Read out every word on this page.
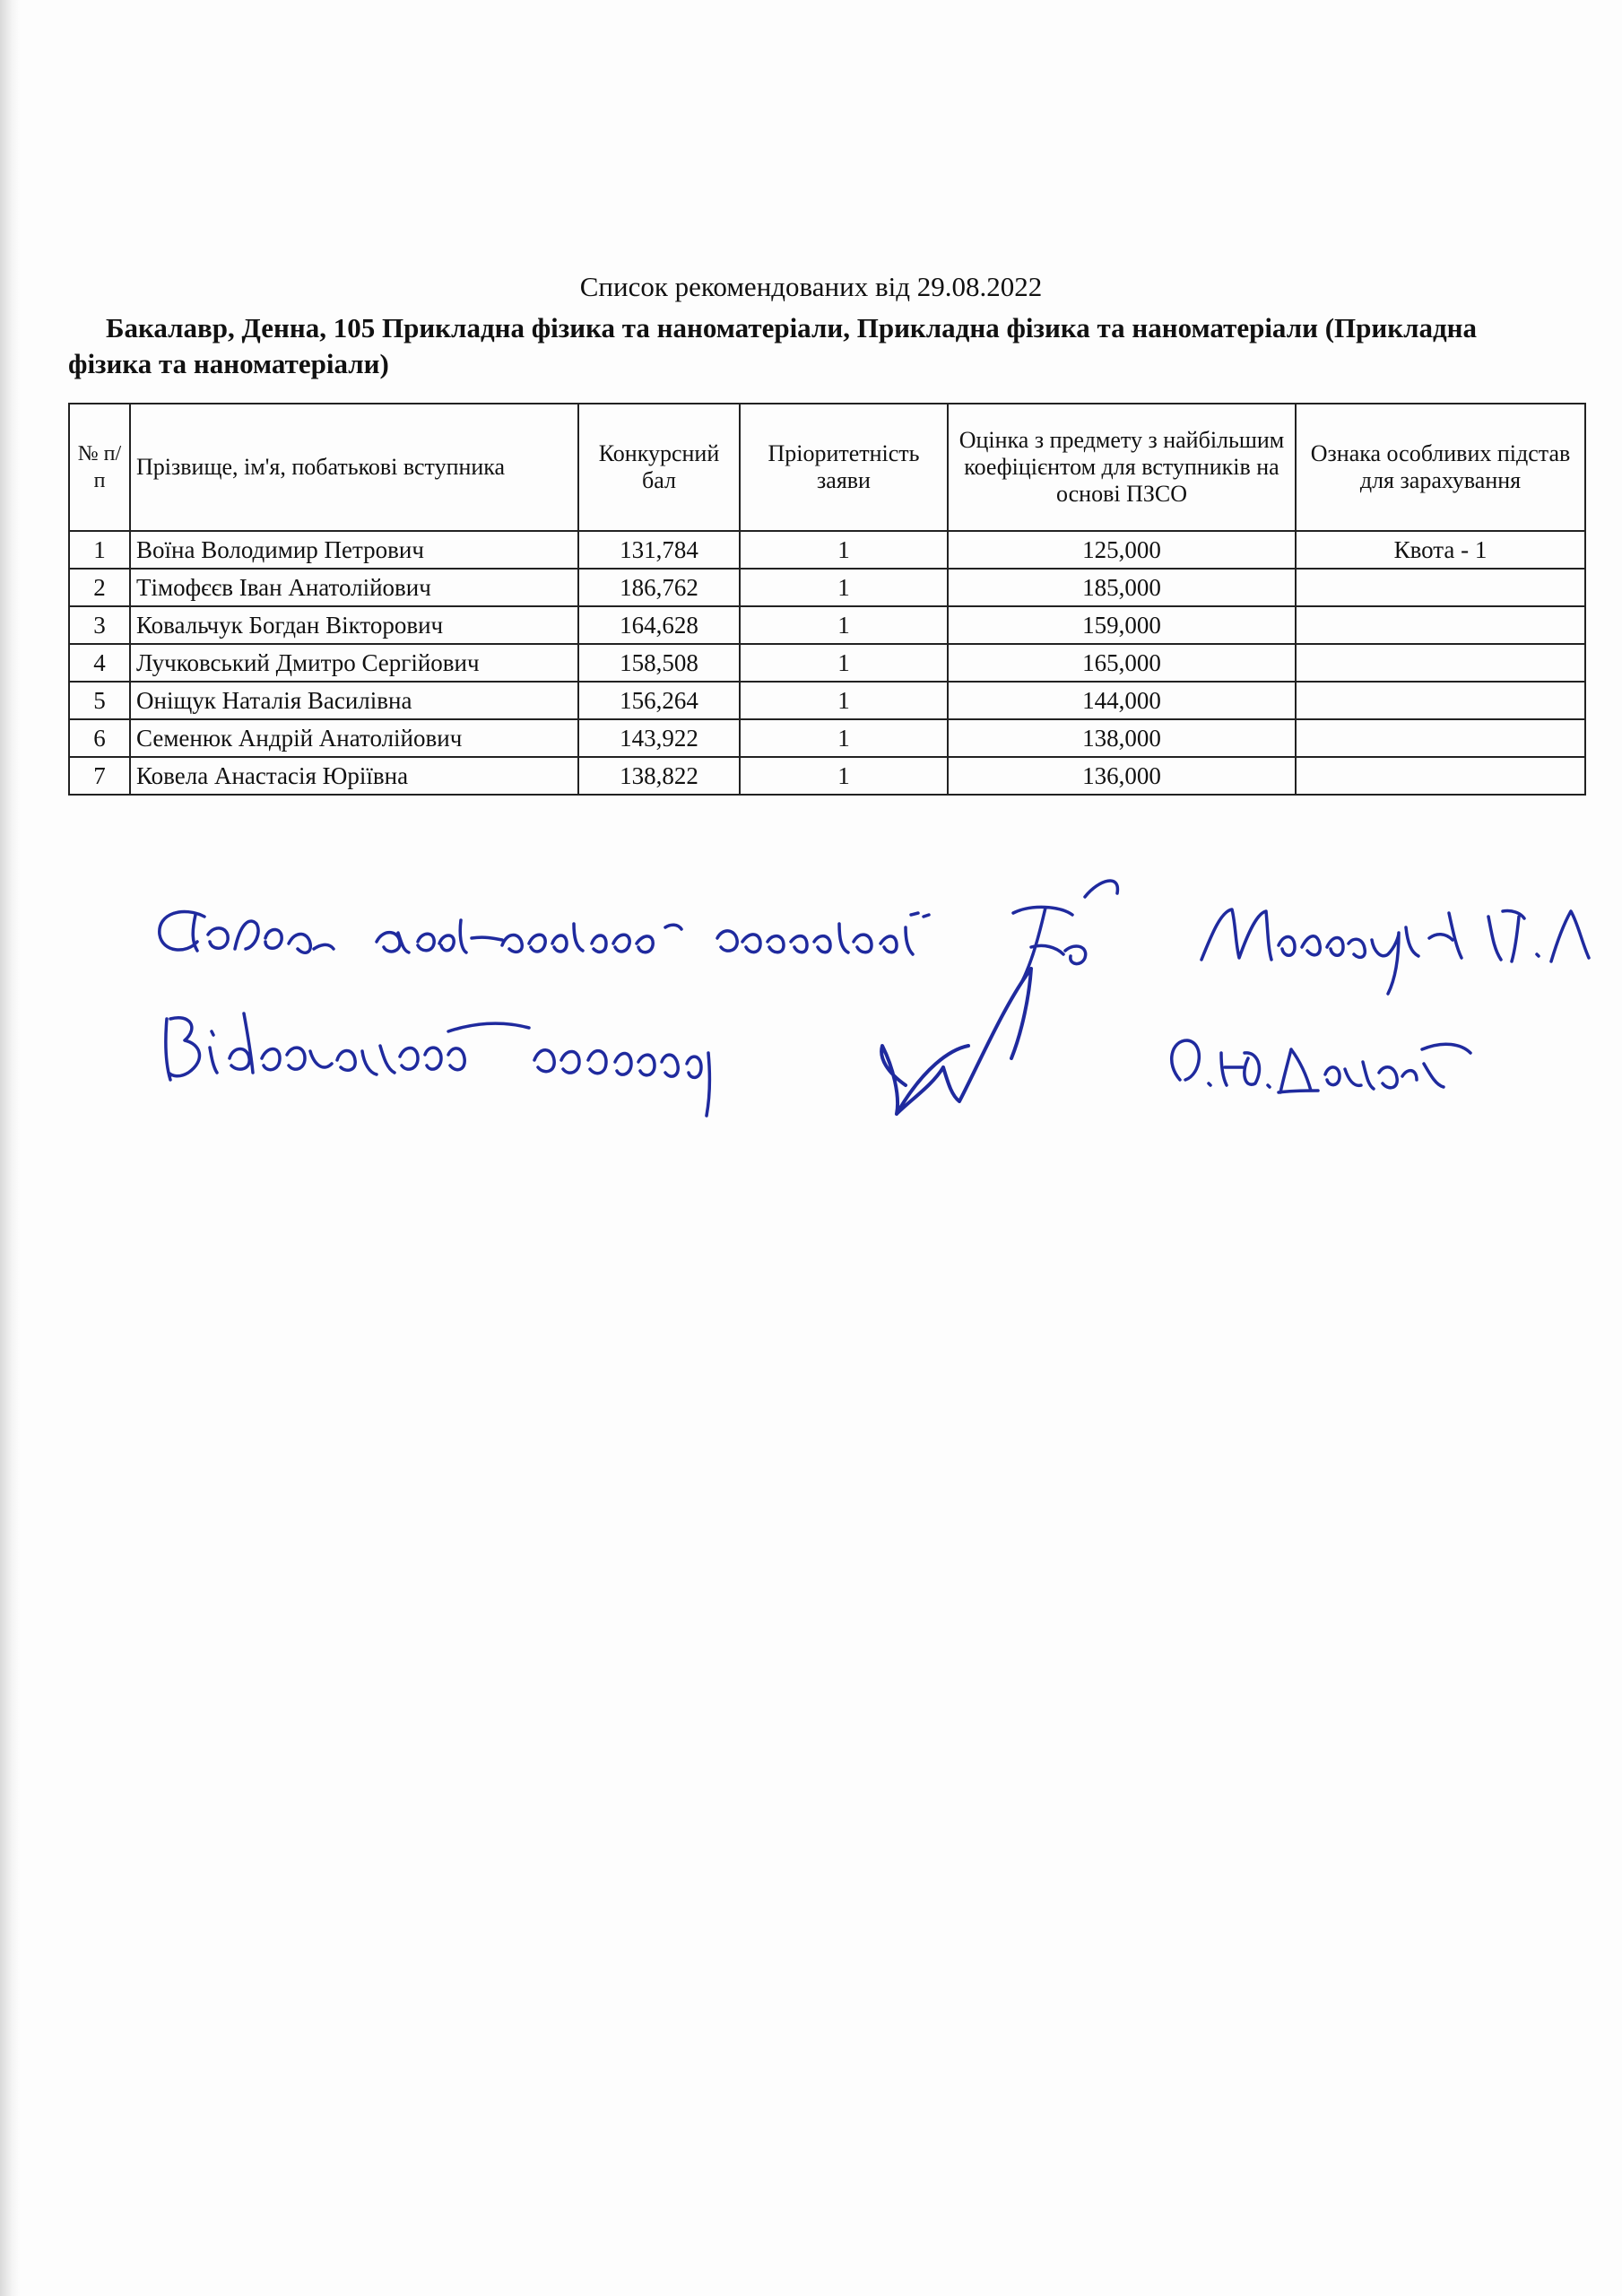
Список рекомендованих від 29.08.2022
Бакалавр, Денна, 105 Прикладна фізика та наноматеріали, Прикладна фізика та наноматеріали (Прикладна фізика та наноматеріали)
№ п/п	Прізвище, ім'я, побатькові вступника	Конкурсний бал	Пріоритетність заяви	Оцінка з предмету з найбільшим коефіцієнтом для вступників на основі ПЗСО	Ознака особливих підстав для зарахування
1	Воїна Володимир Петрович	131,784	1	125,000	Квота - 1
2	Тімофєєв Іван Анатолійович	186,762	1	185,000	
3	Ковальчук Богдан Вікторович	164,628	1	159,000	
4	Лучковський Дмитро Сергійович	158,508	1	165,000	
5	Оніщук Наталія Василівна	156,264	1	144,000	
6	Семенюк Андрій Анатолійович	143,922	1	138,000	
7	Ковела Анастасія Юріївна	138,822	1	136,000	
